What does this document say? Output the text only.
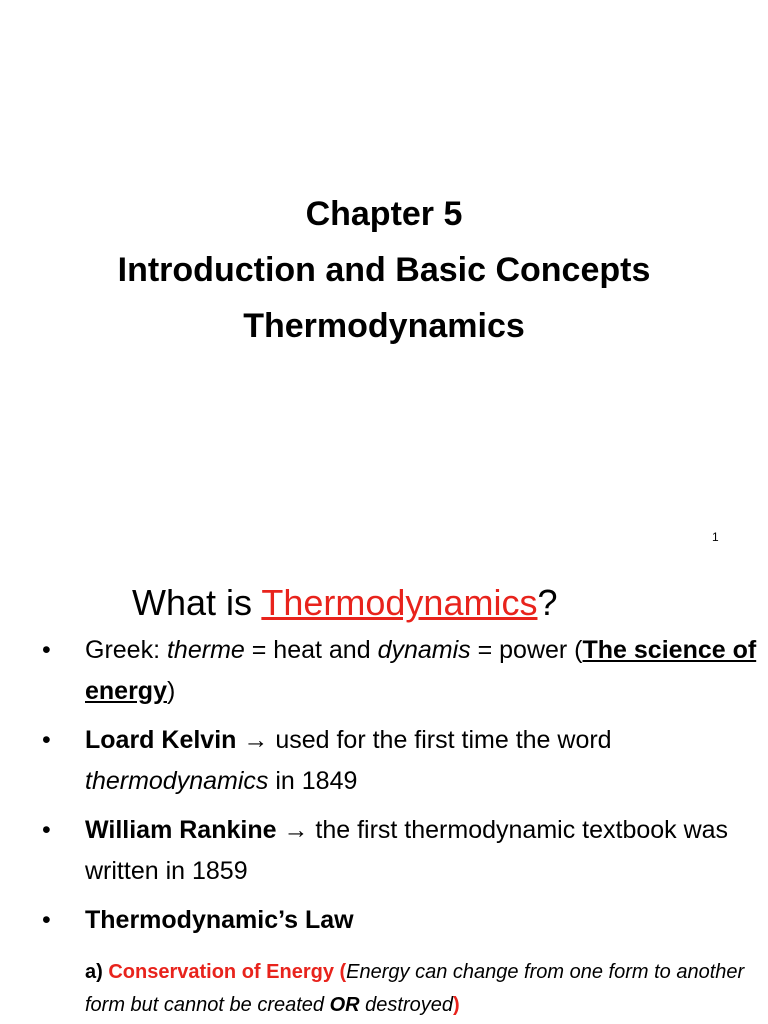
Chapter 5
Introduction and Basic Concepts
Thermodynamics
1
What is Thermodynamics?
• Greek: therme = heat and dynamis = power (The science of energy)
• Loard Kelvin → used for the first time the word thermodynamics in 1849
• William Rankine → the first thermodynamic textbook was written in 1859
• Thermodynamic’s Law
a) Conservation of Energy (Energy can change from one form to another form but cannot be created OR destroyed)
